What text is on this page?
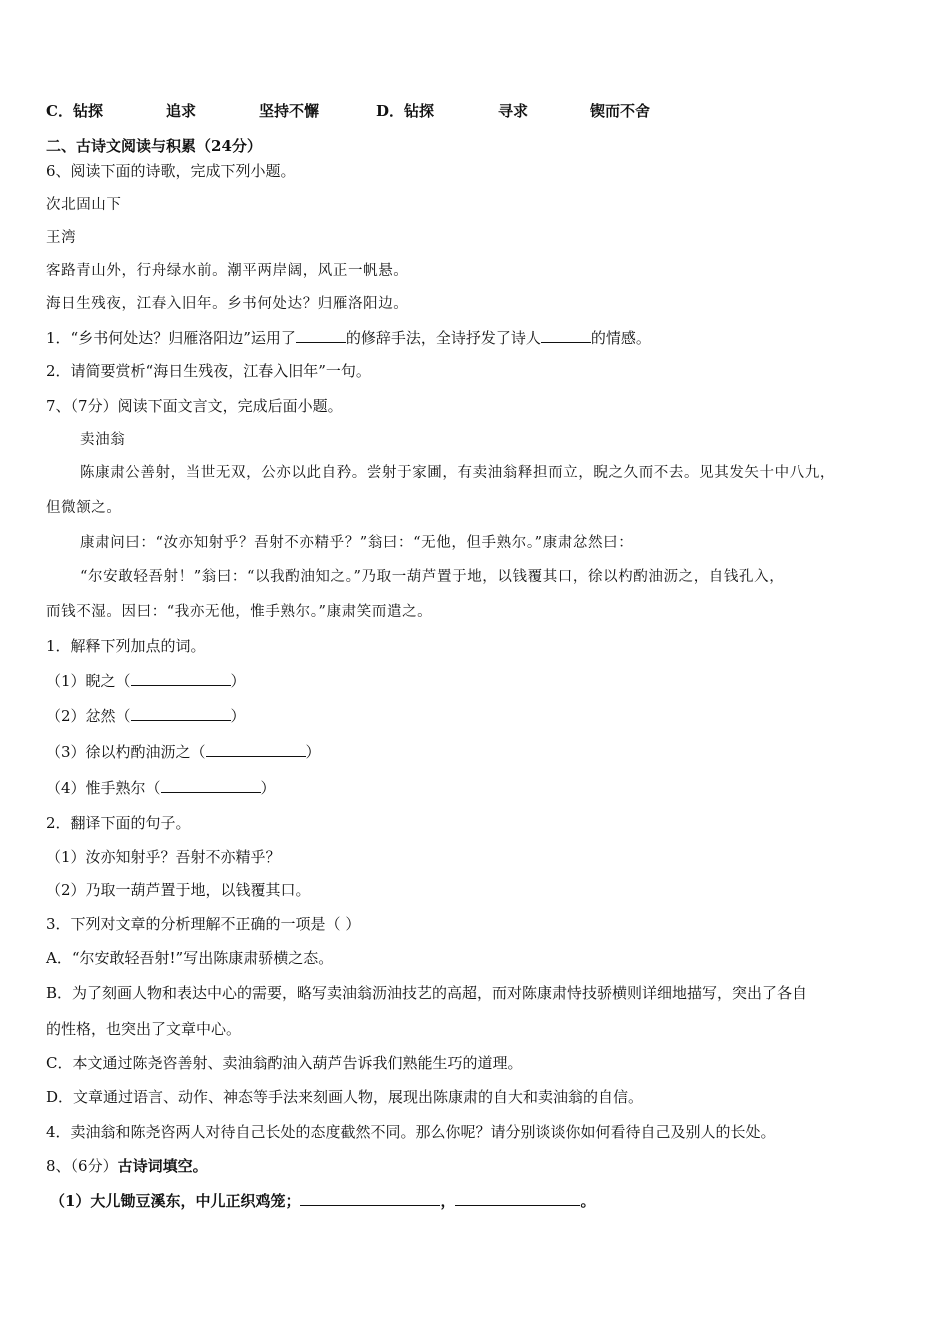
C．钻探	追求	坚持不懈	D．钻探	寻求	锲而不舍
二、古诗文阅读与积累（24分）
6、阅读下面的诗歌，完成下列小题。
次北固山下
王湾
客路青山外，行舟绿水前。潮平两岸阔，风正一帆悬。
海日生残夜，江春入旧年。乡书何处达？归雁洛阳边。
1．“乡书何处达？归雁洛阳边”运用了	的修辞手法，全诗抒发了诗人	的情感。
2．请简要赏析“海日生残夜，江春入旧年”一句。
7、（7分）阅读下面文言文，完成后面小题。
卖油翁
陈康肃公善射，当世无双，公亦以此自矜。尝射于家圃，有卖油翁释担而立，睨之久而不去。见其发矢十中八九，
但微颔之。
康肃问曰：“汝亦知射乎？吾射不亦精乎？”翁曰：“无他，但手熟尔。”康肃忿然曰：
“尔安敢轻吾射！”翁曰：“以我酌油知之。”乃取一葫芦置于地，以钱覆其口，徐以杓酌油沥之，自钱孔入，
而钱不湿。因曰：“我亦无他，惟手熟尔。”康肃笑而遣之。
1．解释下列加点的词。
（1）睨之（	）
（2）忿然（	）
（3）徐以杓酌油沥之（	）
（4）惟手熟尔（	）
2．翻译下面的句子。
（1）汝亦知射乎？吾射不亦精乎？
（2）乃取一葫芦置于地，以钱覆其口。
3．下列对文章的分析理解不正确的一项是（ ）
A．“尔安敢轻吾射!”写出陈康肃骄横之态。
B．为了刻画人物和表达中心的需要，略写卖油翁沥油技艺的高超，而对陈康肃恃技骄横则详细地描写，突出了各自
的性格，也突出了文章中心。
C．本文通过陈尧咨善射、卖油翁酌油入葫芦告诉我们熟能生巧的道理。
D．文章通过语言、动作、神态等手法来刻画人物，展现出陈康肃的自大和卖油翁的自信。
4．卖油翁和陈尧咨两人对待自己长处的态度截然不同。那么你呢？请分别谈谈你如何看待自己及别人的长处。
8、（6分）古诗词填空。
（1）大儿锄豆溪东，中儿正织鸡笼；	，	。
